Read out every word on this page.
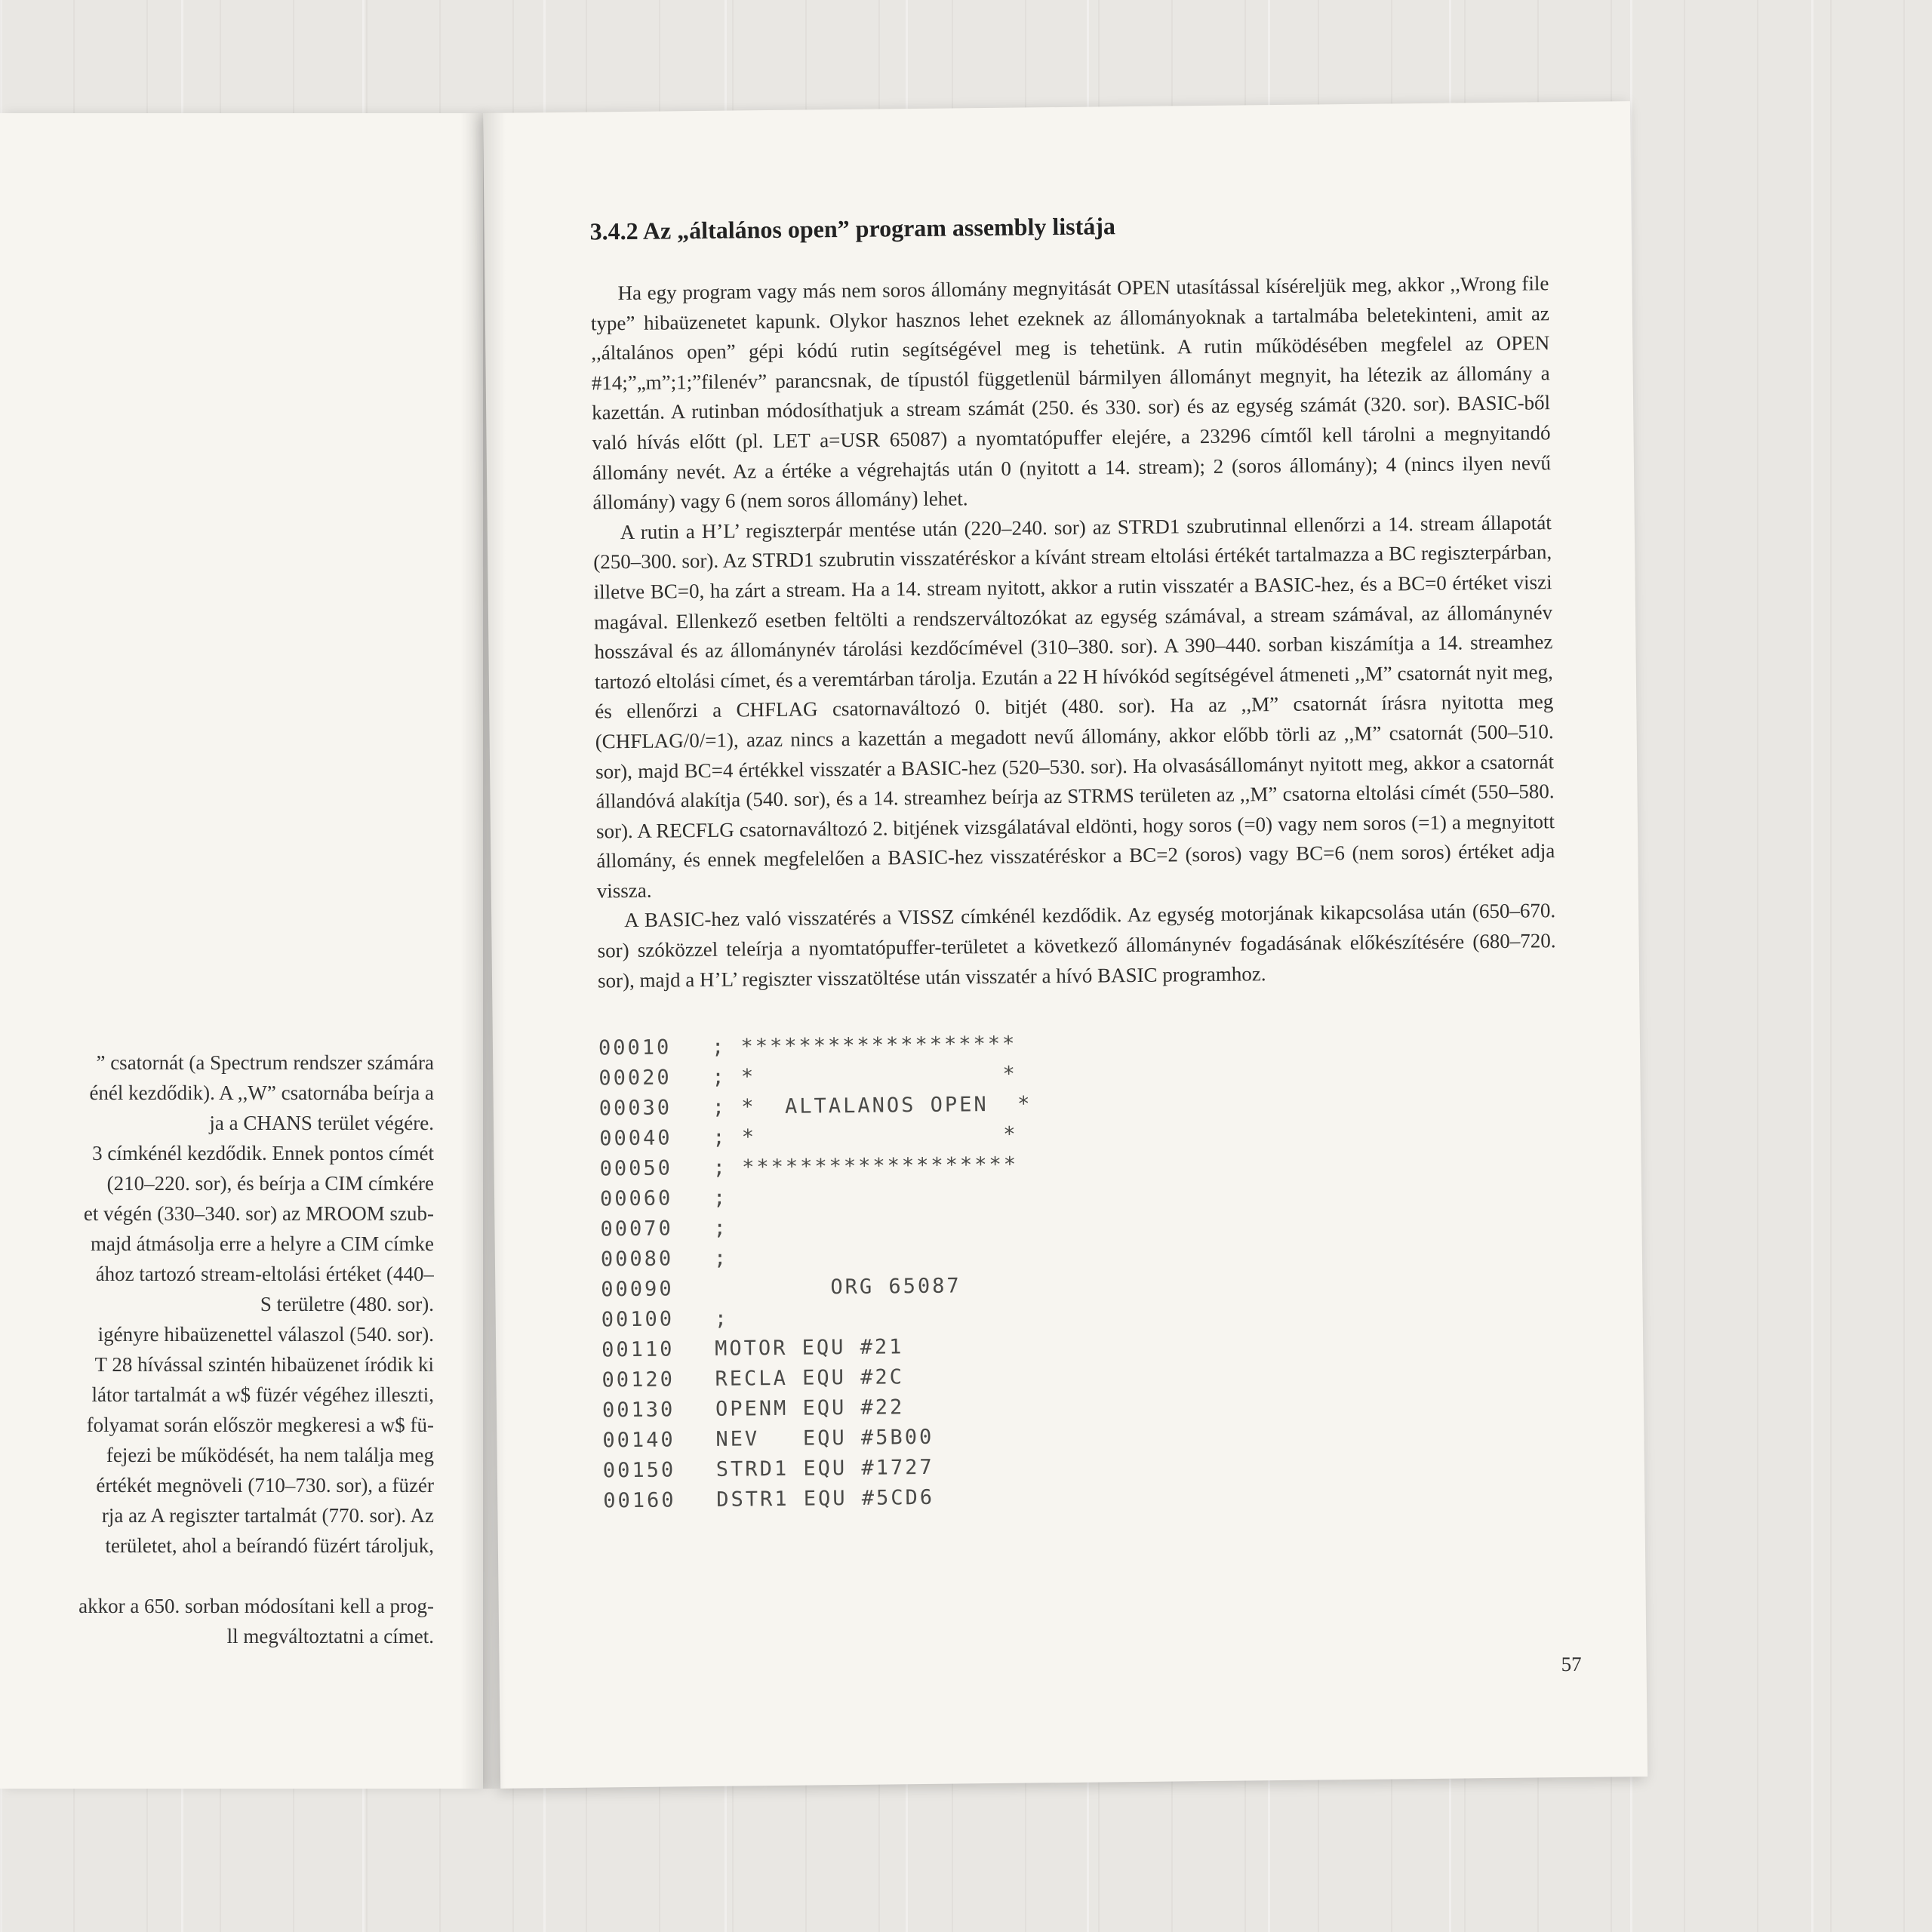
” csatornát (a Spectrum rendszer számára
énél kezdődik). A ,,W” csatornába beírja a
ja a CHANS terület végére.
3 címkénél kezdődik. Ennek pontos címét
(210–220. sor), és beírja a CIM címkére
et végén (330–340. sor) az MROOM szub-
majd átmásolja erre a helyre a CIM címke
ához tartozó stream-eltolási értéket (440–
S területre (480. sor).
igényre hibaüzenettel válaszol (540. sor).
T 28 hívással szintén hibaüzenet íródik ki
látor tartalmát a w$ füzér végéhez illeszti,
folyamat során először megkeresi a w$ fü-
fejezi be működését, ha nem találja meg
értékét megnöveli (710–730. sor), a füzér
rja az A regiszter tartalmát (770. sor). Az
területet, ahol a beírandó füzért tároljuk,
akkor a 650. sorban módosítani kell a prog-
ll megváltoztatni a címet.
3.4.2 Az „általános open” program assembly listája

Ha egy program vagy más nem soros állomány megnyitását OPEN utasítással kíséreljük meg, akkor ,,Wrong file type” hibaüzenetet kapunk. Olykor hasznos lehet ezeknek az állományoknak a tartalmába beletekinteni, amit az ,,általános open” gépi kódú rutin segítségével meg is tehetünk. A rutin működésében megfelel az OPEN #14;”„m”;1;”filenév” parancsnak, de típustól függetlenül bármilyen állományt megnyit, ha létezik az állomány a kazettán. A rutinban módosíthatjuk a stream számát (250. és 330. sor) és az egység számát (320. sor). BASIC-ből való hívás előtt (pl. LET a=USR 65087) a nyomtatópuffer elejére, a 23296 címtől kell tárolni a megnyitandó állomány nevét. Az a értéke a végrehajtás után 0 (nyitott a 14. stream); 2 (soros állomány); 4 (nincs ilyen nevű állomány) vagy 6 (nem soros állomány) lehet.

A rutin a H’L’ regiszterpár mentése után (220–240. sor) az STRD1 szubrutinnal ellenőrzi a 14. stream állapotát (250–300. sor). Az STRD1 szubrutin visszatéréskor a kívánt stream eltolási értékét tartalmazza a BC regiszterpárban, illetve BC=0, ha zárt a stream. Ha a 14. stream nyitott, akkor a rutin visszatér a BASIC-hez, és a BC=0 értéket viszi magával. Ellenkező esetben feltölti a rendszerváltozókat az egység számával, a stream számával, az állománynév hosszával és az állománynév tárolási kezdőcímével (310–380. sor). A 390–440. sorban kiszámítja a 14. streamhez tartozó eltolási címet, és a veremtárban tárolja. Ezután a 22 H hívókód segítségével átmeneti ,,M” csatornát nyit meg, és ellenőrzi a CHFLAG csatornaváltozó 0. bitjét (480. sor). Ha az ,,M” csatornát írásra nyitotta meg (CHFLAG/0/=1), azaz nincs a kazettán a megadott nevű állomány, akkor előbb törli az ,,M” csatornát (500–510. sor), majd BC=4 értékkel visszatér a BASIC-hez (520–530. sor). Ha olvasásállományt nyitott meg, akkor a csatornát állandóvá alakítja (540. sor), és a 14. streamhez beírja az STRMS területen az ,,M” csatorna eltolási címét (550–580. sor). A RECFLG csatornaváltozó 2. bitjének vizsgálatával eldönti, hogy soros (=0) vagy nem soros (=1) a megnyitott állomány, és ennek megfelelően a BASIC-hez visszatéréskor a BC=2 (soros) vagy BC=6 (nem soros) értéket adja vissza.

A BASIC-hez való visszatérés a VISSZ címkénél kezdődik. Az egység motorjának kikapcsolása után (650–670. sor) szóközzel teleírja a nyomtatópuffer-területet a következő állománynév fogadásának előkészítésére (680–720. sor), majd a H’L’ regiszter visszatöltése után visszatér a hívó BASIC programhoz.

00010 ; *******************
00020 ; *                 *
00030 ; *  ALTALANOS OPEN  *
00040 ; *                 *
00050 ; *******************
00060 ;
00070 ;
00080 ;
00090        ORG 65087
00100 ;
00110 MOTOR EQU #21
00120 RECLA EQU #2C
00130 OPENM EQU #22
00140 NEV   EQU #5B00
00150 STRD1 EQU #1727
00160 DSTR1 EQU #5CD6
57
